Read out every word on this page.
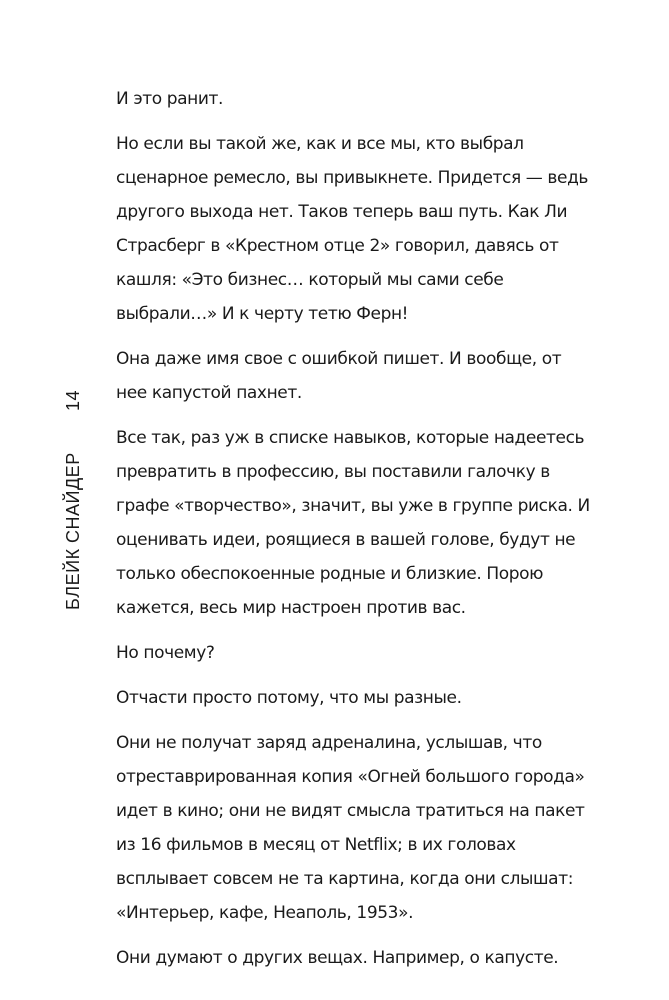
БЛЕЙК СНАЙДЕР
14

И это ранит.

Но если вы такой же, как и все мы, кто выбрал сценарное ремесло, вы привыкнете. Придется — ведь другого выхода нет. Таков теперь ваш путь. Как Ли Страсберг в «Крестном отце 2» говорил, давясь от кашля: «Это бизнес… который мы сами себе выбрали…» И к черту тетю Ферн!

Она даже имя свое с ошибкой пишет. И вообще, от нее капустой пахнет.

Все так, раз уж в списке навыков, которые надеетесь превратить в профессию, вы поставили галочку в графе «творчество», значит, вы уже в группе риска. И оценивать идеи, роящиеся в вашей голове, будут не только обеспокоенные родные и близкие. Порою кажется, весь мир настроен против вас.

Но почему?

Отчасти просто потому, что мы разные.

Они не получат заряд адреналина, услышав, что отреставрированная копия «Огней большого города» идет в кино; они не видят смысла тратиться на пакет из 16 фильмов в месяц от Netflix; в их головах всплывает совсем не та картина, когда они слышат: «Интерьер, кафе, Неаполь, 1953».

Они думают о других вещах. Например, о капусте.
